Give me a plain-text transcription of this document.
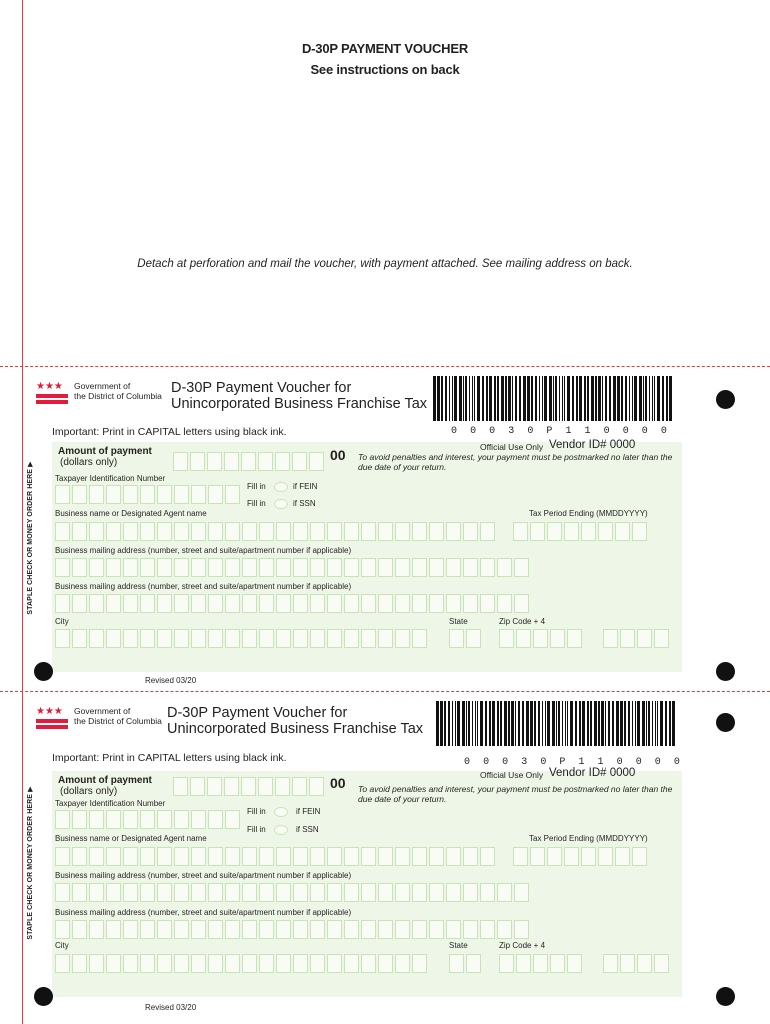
D-30P PAYMENT VOUCHER
See instructions on back
Detach at perforation and mail the voucher, with payment attached. See mailing address on back.
★★★	Government of
the District of Columbia D-30P Payment Voucher for
Unincorporated Business Franchise Tax
0 0 0 3 0 P 1 1 0 0 0 0
Important: Print in CAPITAL letters using black ink.
Official Use Only Vendor ID# 0000
Amount of payment
(dollars only)	00 To avoid penalties and interest, your payment must be postmarked no later than the due date of your return.
Taxpayer Identification Number
Fill in	if FEIN
Fill in	if SSN
Business name or Designated Agent name	Tax Period Ending (MMDDYYYY)
Business mailing address (number, street and suite/apartment number if applicable)
Business mailing address (number, street and suite/apartment number if applicable)
City	State	Zip Code + 4
STAPLE CHECK OR MONEY ORDER HERE ▶
Revised 03/20
★★★	Government of
the District of Columbia D-30P Payment Voucher for
Unincorporated Business Franchise Tax
0 0 0 3 0 P 1 1 0 0 0 0
Important: Print in CAPITAL letters using black ink.
Official Use Only Vendor ID# 0000
Amount of payment
(dollars only)
00 To avoid penalties and interest, your payment must be postmarked no later than the due date of your return.
Taxpayer Identification Number
Fill in	if FEIN
Fill in	if SSN
Business name or Designated Agent name	Tax Period Ending (MMDDYYYY)
Business mailing address (number, street and suite/apartment number if applicable)
Business mailing address (number, street and suite/apartment number if applicable)
City	State	Zip Code + 4
STAPLE CHECK OR MONEY ORDER HERE ▶
Revised 03/20
